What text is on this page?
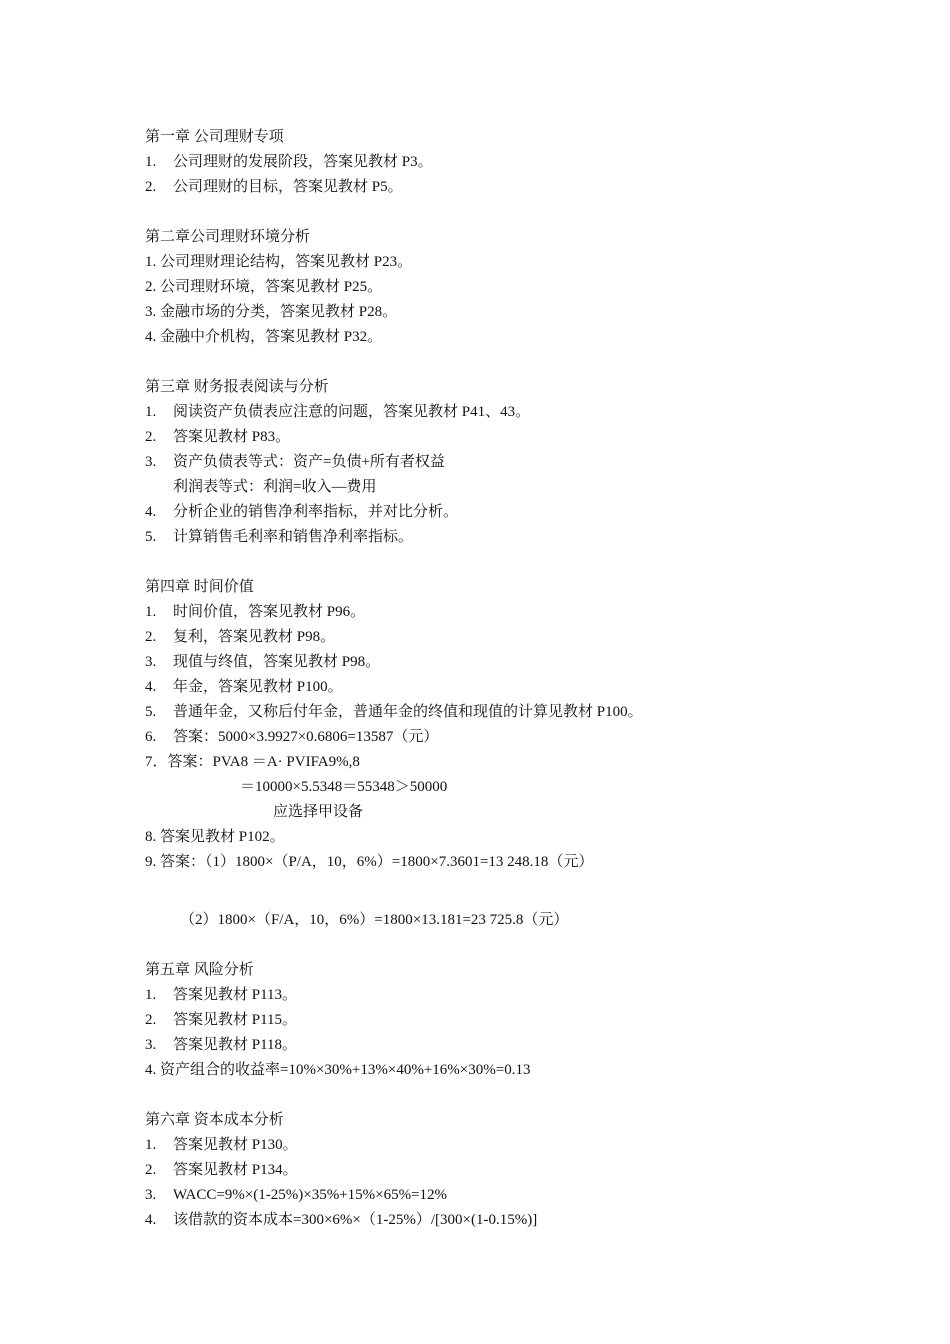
第一章 公司理财专项
1. 公司理财的发展阶段，答案见教材 P3。
2. 公司理财的目标，答案见教材 P5。
第二章公司理财环境分析
1. 公司理财理论结构，答案见教材 P23。
2. 公司理财环境，答案见教材 P25。
3. 金融市场的分类，答案见教材 P28。
4. 金融中介机构，答案见教材 P32。
第三章 财务报表阅读与分析
1. 阅读资产负债表应注意的问题，答案见教材 P41、43。
2. 答案见教材 P83。
3. 资产负债表等式：资产=负债+所有者权益
利润表等式：利润=收入—费用
4. 分析企业的销售净利率指标，并对比分析。
5. 计算销售毛利率和销售净利率指标。
第四章 时间价值
1. 时间价值，答案见教材 P96。
2. 复利，答案见教材 P98。
3. 现值与终值，答案见教材 P98。
4. 年金，答案见教材 P100。
5. 普通年金，又称后付年金，普通年金的终值和现值的计算见教材 P100。
6. 答案：5000×3.9927×0.6806=13587（元）
7．答案：PVA8 ＝A· PVIFA9%,8
＝10000×5.5348＝55348＞50000
应选择甲设备
8. 答案见教材 P102。
9. 答案：（1）1800×（P/A，10，6%）=1800×7.3601=13 248.18（元）
（2）1800×（F/A，10，6%）=1800×13.181=23 725.8（元）
第五章 风险分析
1. 答案见教材 P113。
2. 答案见教材 P115。
3. 答案见教材 P118。
4. 资产组合的收益率=10%×30%+13%×40%+16%×30%=0.13
第六章 资本成本分析
1. 答案见教材 P130。
2. 答案见教材 P134。
3. WACC=9%×(1-25%)×35%+15%×65%=12%
4. 该借款的资本成本=300×6%×（1-25%）/[300×(1-0.15%)]
